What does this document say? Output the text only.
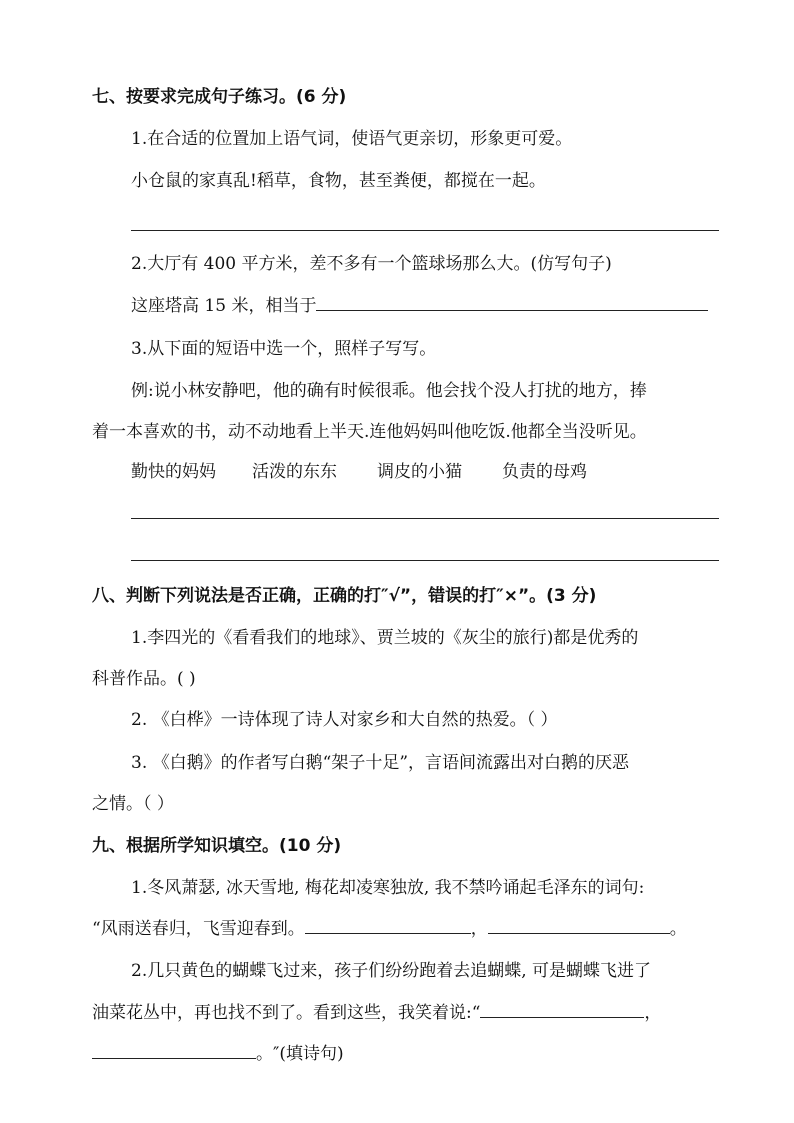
七、按要求完成句子练习。(6 分)
1.在合适的位置加上语气词，使语气更亲切，形象更可爱。
小仓鼠的家真乱!稻草，食物，甚至粪便，都搅在一起。
2.大厅有 400 平方米，差不多有一个篮球场那么大。(仿写句子)
这座塔高 15 米，相当于
3.从下面的短语中选一个，照样子写写。
例:说小林安静吧，他的确有时候很乖。他会找个没人打扰的地方，捧
着一本喜欢的书，动不动地看上半天.连他妈妈叫他吃饭.他都全当没听见。
勤快的妈妈 活泼的东东 调皮的小猫 负责的母鸡
八、判断下列说法是否正确，正确的打″√”，错误的打″×”。(3 分)
1.李四光的《看看我们的地球》、贾兰坡的《灰尘的旅行)都是优秀的
科普作品。( )
2. 《白桦》一诗体现了诗人对家乡和大自然的热爱。（ ）
3. 《白鹅》的作者写白鹅“架子十足”，言语间流露出对白鹅的厌恶
之情。（ ）
九、根据所学知识填空。(10 分)
1.冬风萧瑟, 冰天雪地, 梅花却凌寒独放, 我不禁吟诵起毛泽东的词句:
“风雨送春归，飞雪迎春到。	，	。
2.几只黄色的蝴蝶飞过来，孩子们纷纷跑着去追蝴蝶, 可是蝴蝶飞进了
油菜花丛中，再也找不到了。看到这些，我笑着说:“	，
。″(填诗句)
